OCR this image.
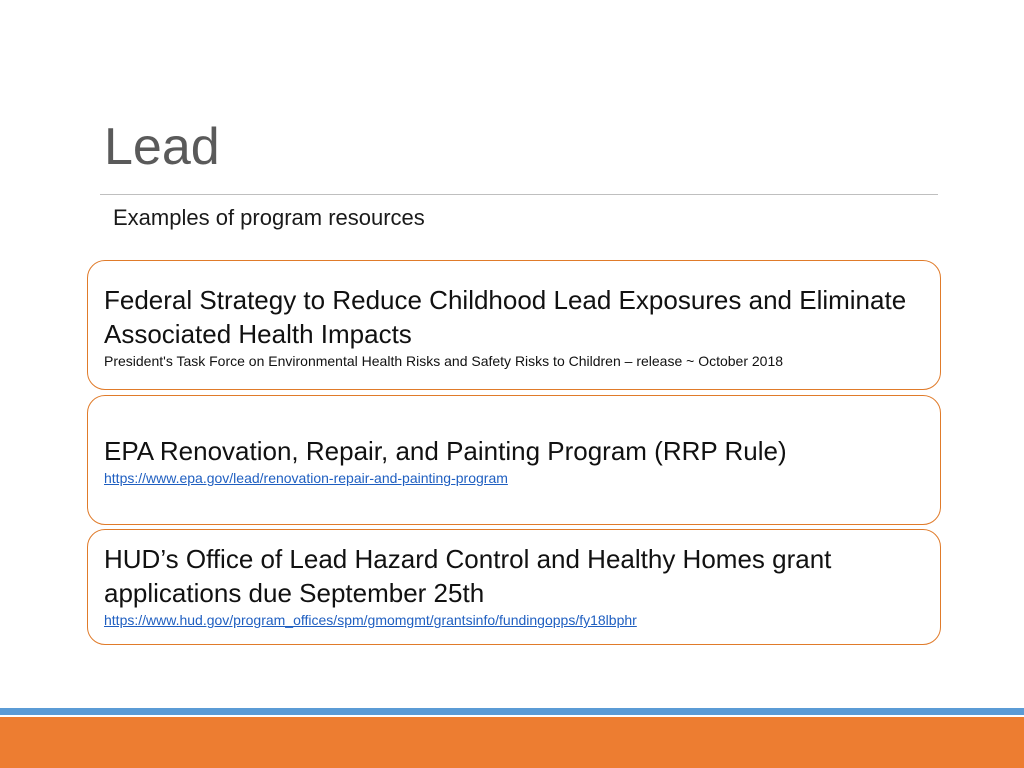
Lead
Examples of program resources

Federal Strategy to Reduce Childhood Lead Exposures and Eliminate Associated Health Impacts

President's Task Force on Environmental Health Risks and Safety Risks to Children – release ~ October 2018

EPA Renovation, Repair, and Painting Program (RRP Rule)

https://www.epa.gov/lead/renovation-repair-and-painting-program

HUD’s Office of Lead Hazard Control and Healthy Homes grant applications due September 25th

https://www.hud.gov/program_offices/spm/gmomgmt/grantsinfo/fundingopps/fy18lbphr
